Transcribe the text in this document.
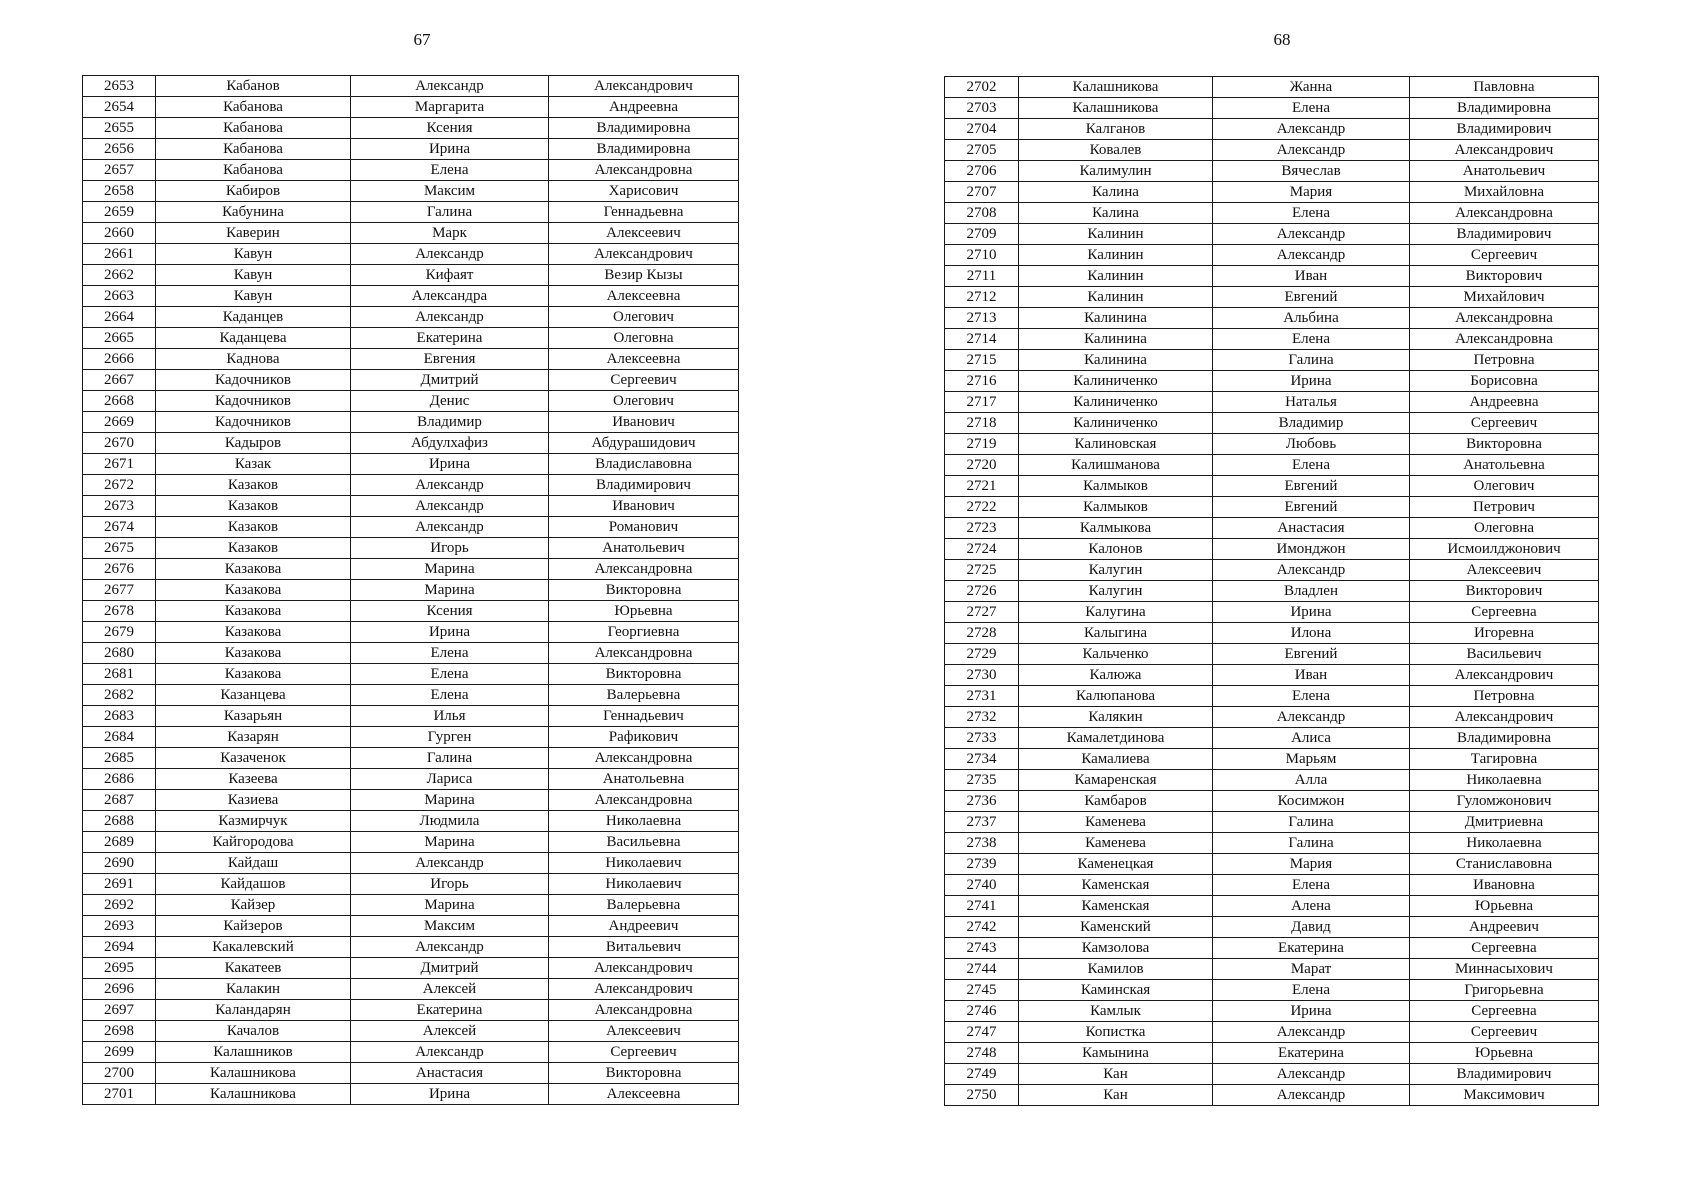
67	68
2653	Кабанов	Александр	Александрович
2654	Кабанова	Маргарита	Андреевна
2655	Кабанова	Ксения	Владимировна
2656	Кабанова	Ирина	Владимировна
2657	Кабанова	Елена	Александровна
2658	Кабиров	Максим	Харисович
2659	Кабунина	Галина	Геннадьевна
2660	Каверин	Марк	Алексеевич
2661	Кавун	Александр	Александрович
2662	Кавун	Кифаят	Везир Кызы
2663	Кавун	Александра	Алексеевна
2664	Каданцев	Александр	Олегович
2665	Каданцева	Екатерина	Олеговна
2666	Каднова	Евгения	Алексеевна
2667	Кадочников	Дмитрий	Сергеевич
2668	Кадочников	Денис	Олегович
2669	Кадочников	Владимир	Иванович
2670	Кадыров	Абдулхафиз	Абдурашидович
2671	Казак	Ирина	Владиславовна
2672	Казаков	Александр	Владимирович
2673	Казаков	Александр	Иванович
2674	Казаков	Александр	Романович
2675	Казаков	Игорь	Анатольевич
2676	Казакова	Марина	Александровна
2677	Казакова	Марина	Викторовна
2678	Казакова	Ксения	Юрьевна
2679	Казакова	Ирина	Георгиевна
2680	Казакова	Елена	Александровна
2681	Казакова	Елена	Викторовна
2682	Казанцева	Елена	Валерьевна
2683	Казарьян	Илья	Геннадьевич
2684	Казарян	Гурген	Рафикович
2685	Казаченок	Галина	Александровна
2686	Казеева	Лариса	Анатольевна
2687	Казиева	Марина	Александровна
2688	Казмирчук	Людмила	Николаевна
2689	Кайгородова	Марина	Васильевна
2690	Кайдаш	Александр	Николаевич
2691	Кайдашов	Игорь	Николаевич
2692	Кайзер	Марина	Валерьевна
2693	Кайзеров	Максим	Андреевич
2694	Какалевский	Александр	Витальевич
2695	Какатеев	Дмитрий	Александрович
2696	Калакин	Алексей	Александрович
2697	Каландарян	Екатерина	Александровна
2698	Качалов	Алексей	Алексеевич
2699	Калашников	Александр	Сергеевич
2700	Калашникова	Анастасия	Викторовна
2701	Калашникова	Ирина	Алексеевна
2702	Калашникова	Жанна	Павловна
2703	Калашникова	Елена	Владимировна
2704	Калганов	Александр	Владимирович
2705	Ковалев	Александр	Александрович
2706	Калимулин	Вячеслав	Анатольевич
2707	Калина	Мария	Михайловна
2708	Калина	Елена	Александровна
2709	Калинин	Александр	Владимирович
2710	Калинин	Александр	Сергеевич
2711	Калинин	Иван	Викторович
2712	Калинин	Евгений	Михайлович
2713	Калинина	Альбина	Александровна
2714	Калинина	Елена	Александровна
2715	Калинина	Галина	Петровна
2716	Калиниченко	Ирина	Борисовна
2717	Калиниченко	Наталья	Андреевна
2718	Калиниченко	Владимир	Сергеевич
2719	Калиновская	Любовь	Викторовна
2720	Калишманова	Елена	Анатольевна
2721	Калмыков	Евгений	Олегович
2722	Калмыков	Евгений	Петрович
2723	Калмыкова	Анастасия	Олеговна
2724	Калонов	Имонджон	Исмоилджонович
2725	Калугин	Александр	Алексеевич
2726	Калугин	Владлен	Викторович
2727	Калугина	Ирина	Сергеевна
2728	Калыгина	Илона	Игоревна
2729	Кальченко	Евгений	Васильевич
2730	Калюжа	Иван	Александрович
2731	Калюпанова	Елена	Петровна
2732	Калякин	Александр	Александрович
2733	Камалетдинова	Алиса	Владимировна
2734	Камалиева	Марьям	Тагировна
2735	Камаренская	Алла	Николаевна
2736	Камбаров	Косимжон	Гуломжонович
2737	Каменева	Галина	Дмитриевна
2738	Каменева	Галина	Николаевна
2739	Каменецкая	Мария	Станиславовна
2740	Каменская	Елена	Ивановна
2741	Каменская	Алена	Юрьевна
2742	Каменский	Давид	Андреевич
2743	Камзолова	Екатерина	Сергеевна
2744	Камилов	Марат	Миннасыхович
2745	Каминская	Елена	Григорьевна
2746	Камлык	Ирина	Сергеевна
2747	Копистка	Александр	Сергеевич
2748	Камынина	Екатерина	Юрьевна
2749	Кан	Александр	Владимирович
2750	Кан	Александр	Максимович
